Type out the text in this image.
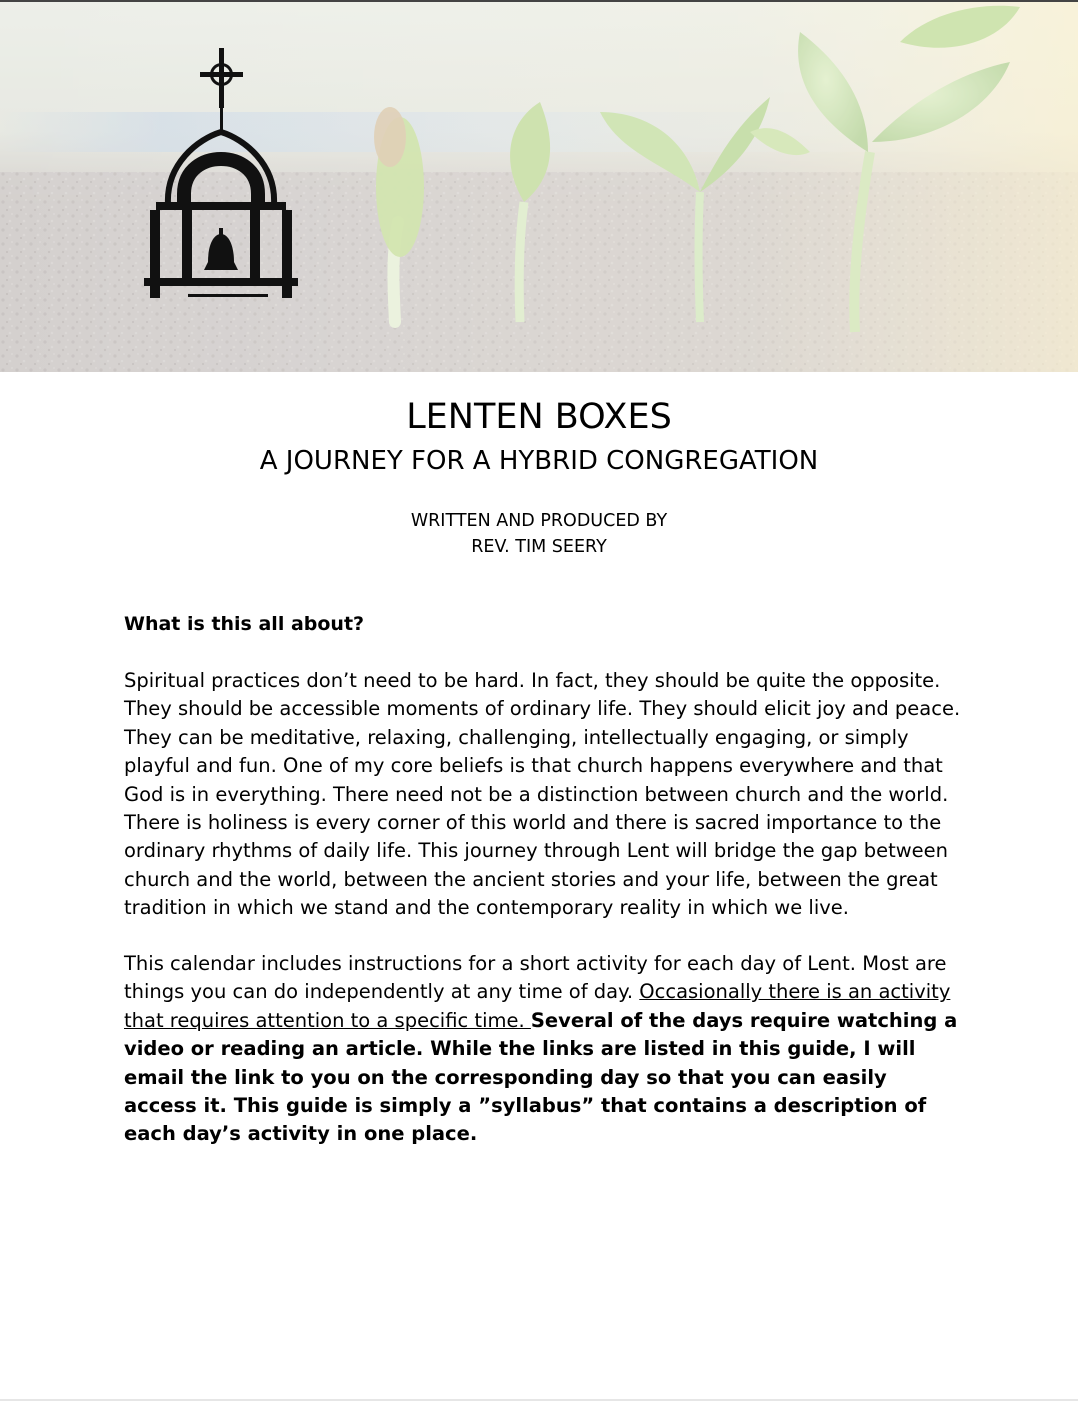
LENTEN BOXES
A JOURNEY FOR A HYBRID CONGREGATION
WRITTEN AND PRODUCED BY
REV. TIM SEERY
What is this all about?

Spiritual practices don’t need to be hard. In fact, they should be quite the opposite. They should be accessible moments of ordinary life. They should elicit joy and peace. They can be meditative, relaxing, challenging, intellectually engaging, or simply playful and fun. One of my core beliefs is that church happens everywhere and that God is in everything. There need not be a distinction between church and the world. There is holiness is every corner of this world and there is sacred importance to the ordinary rhythms of daily life. This journey through Lent will bridge the gap between church and the world, between the ancient stories and your life, between the great tradition in which we stand and the contemporary reality in which we live.

This calendar includes instructions for a short activity for each day of Lent. Most are things you can do independently at any time of day. Occasionally there is an activity that requires attention to a specific time. Several of the days require watching a video or reading an article. While the links are listed in this guide, I will email the link to you on the corresponding day so that you can easily access it. This guide is simply a ”syllabus” that contains a description of each day’s activity in one place.
